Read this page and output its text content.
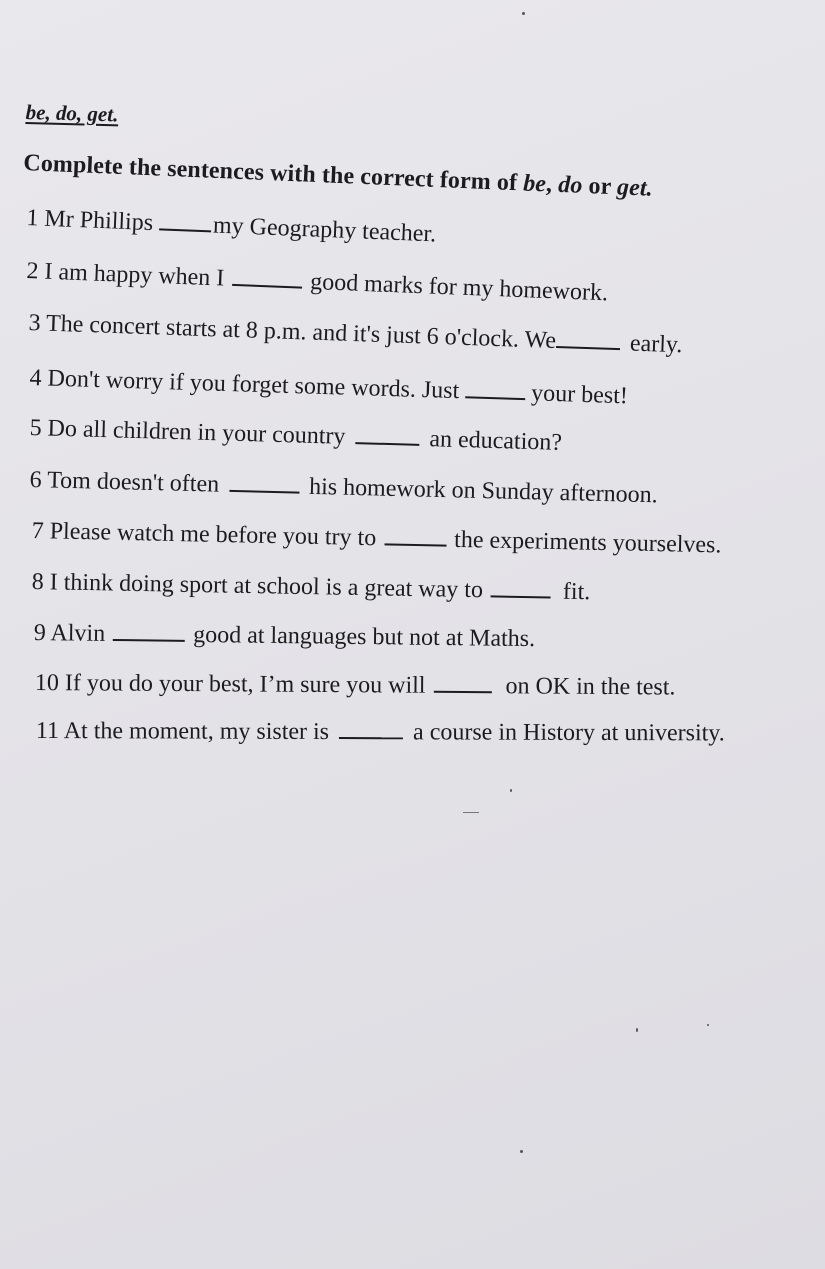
be, do, get.
Complete the sentences with the correct form of be, do or get.
1 Mr Phillips my Geography teacher.
2 I am happy when I	good marks for my homework.
3 The concert starts at 8 p.m. and it's just 6 o'clock. We	early.
4 Don't worry if you forget some words. Just	your best!
5 Do all children in your country	an education?
6 Tom doesn't often	his homework on Sunday afternoon.
7 Please watch me before you try to	the experiments yourselves.
8 I think doing sport at school is a great way to	fit.
9 Alvin	good at languages but not at Maths.
10 If you do your best, I’m sure you will	on OK in the test.
11 At the moment, my sister is	a course in History at university.
